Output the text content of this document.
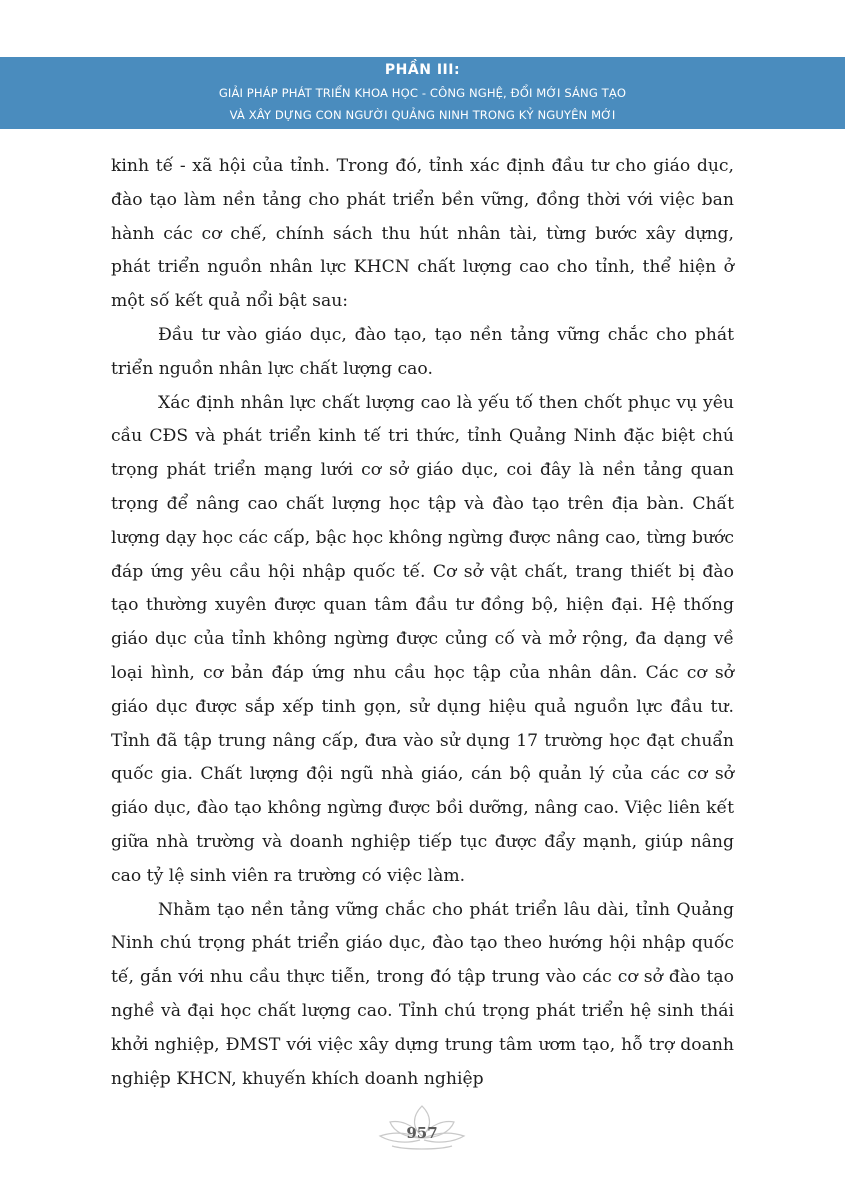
PHẦN III:
GIẢI PHÁP PHÁT TRIỂN KHOA HỌC - CÔNG NGHỆ, ĐỔI MỚI SÁNG TẠO
VÀ XÂY DỰNG CON NGƯỜI QUẢNG NINH TRONG KỶ NGUYÊN MỚI

kinh tế - xã hội của tỉnh. Trong đó, tỉnh xác định đầu tư cho giáo dục, đào tạo làm nền tảng cho phát triển bền vững, đồng thời với việc ban hành các cơ chế, chính sách thu hút nhân tài, từng bước xây dựng, phát triển nguồn nhân lực KHCN chất lượng cao cho tỉnh, thể hiện ở một số kết quả nổi bật sau:

Đầu tư vào giáo dục, đào tạo, tạo nền tảng vững chắc cho phát triển nguồn nhân lực chất lượng cao.

Xác định nhân lực chất lượng cao là yếu tố then chốt phục vụ yêu cầu CĐS và phát triển kinh tế tri thức, tỉnh Quảng Ninh đặc biệt chú trọng phát triển mạng lưới cơ sở giáo dục, coi đây là nền tảng quan trọng để nâng cao chất lượng học tập và đào tạo trên địa bàn. Chất lượng dạy học các cấp, bậc học không ngừng được nâng cao, từng bước đáp ứng yêu cầu hội nhập quốc tế. Cơ sở vật chất, trang thiết bị đào tạo thường xuyên được quan tâm đầu tư đồng bộ, hiện đại. Hệ thống giáo dục của tỉnh không ngừng được củng cố và mở rộng, đa dạng về loại hình, cơ bản đáp ứng nhu cầu học tập của nhân dân. Các cơ sở giáo dục được sắp xếp tinh gọn, sử dụng hiệu quả nguồn lực đầu tư. Tỉnh đã tập trung nâng cấp, đưa vào sử dụng 17 trường học đạt chuẩn quốc gia. Chất lượng đội ngũ nhà giáo, cán bộ quản lý của các cơ sở giáo dục, đào tạo không ngừng được bồi dưỡng, nâng cao. Việc liên kết giữa nhà trường và doanh nghiệp tiếp tục được đẩy mạnh, giúp nâng cao tỷ lệ sinh viên ra trường có việc làm.

Nhằm tạo nền tảng vững chắc cho phát triển lâu dài, tỉnh Quảng Ninh chú trọng phát triển giáo dục, đào tạo theo hướng hội nhập quốc tế, gắn với nhu cầu thực tiễn, trong đó tập trung vào các cơ sở đào tạo nghề và đại học chất lượng cao. Tỉnh chú trọng phát triển hệ sinh thái khởi nghiệp, ĐMST với việc xây dựng trung tâm ươm tạo, hỗ trợ doanh nghiệp KHCN, khuyến khích doanh nghiệp

957
